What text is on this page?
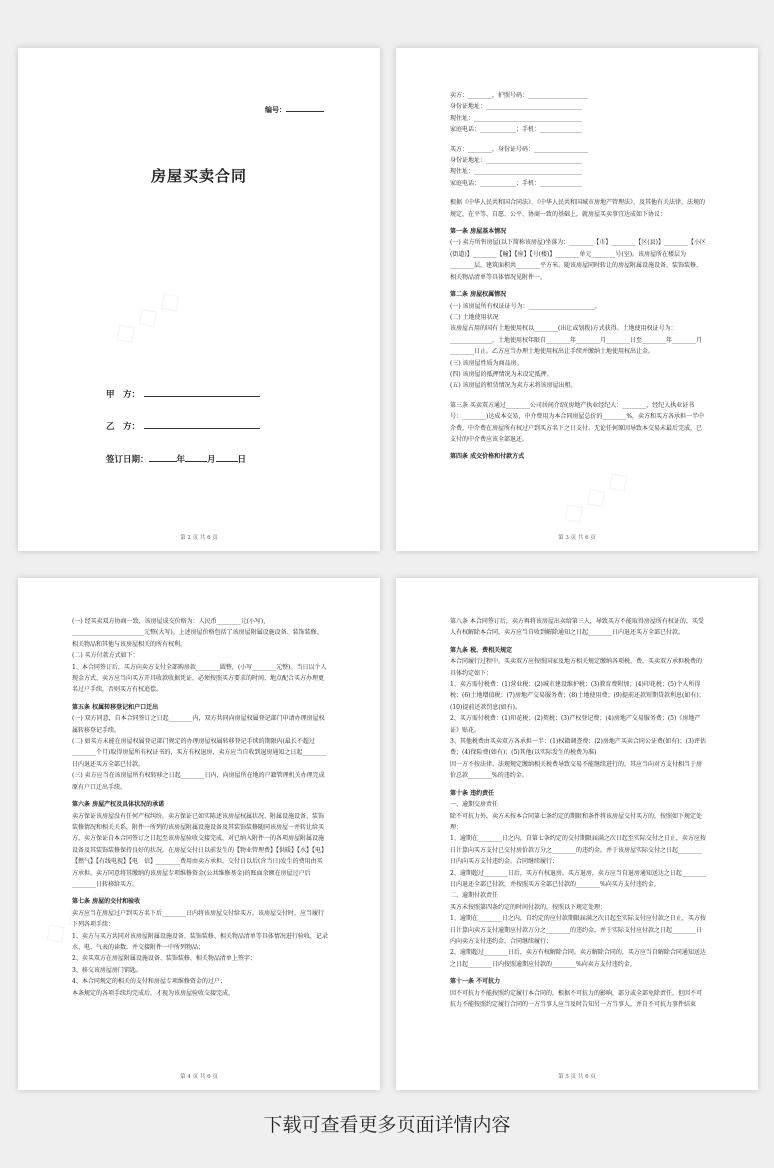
编号：
房屋买卖合同
甲　方：
乙　方：
签订日期：	年	月	日
第 2 页 共 6 页

卖方：________，护照号码：____________________

身份证地址：________________________________

现住址：____________________________________

家庭电话：____________；手机：______________

买方：________，身份证号码：__________________

身份证地址：________________________________

现住址：____________________________________

家庭电话：____________；手机：______________

根据《中华人民共和国合同法》、《中华人民共和国城市房地产管理法》、及其他有关法律、法规的规定，在平等、自愿、公平、协商一致的基础上，就房屋买卖事宜达成如下协议：

第一条 房屋基本情况

(一) 卖方所售房屋(以下简称该房屋)坐落为：________【市】________【区(县)】________【小区(街道)】________【幢】【座】【号(楼)】________单元________号(室)。该房屋所在楼层为________层，建筑面积共________平方米。随该房屋同时转让的房屋附属设施设备、装饰装修、相关物品清单等具体情况见附件一。

第二条 房屋权属情况

(一) 该房屋所有权证证号为：______________________。
(二) 土地使用状况
该房屋占用的国有土地使用权以________(出让或划拨)方式获得。土地使用权证号为：______________，土地使用权年限自________年________月________日至________年________月________日止。乙方应当办理土地使用权出让手续并缴纳土地使用权出让金。
(三) 该房屋性质为商品房。
(四) 该房屋的抵押情况为未设定抵押。
(五) 该房屋的租赁情况为卖方未将该房屋出租。

第三条 买卖双方通过________公司居间介绍(房地产执业经纪人：________，经纪人执业证书号：________)达成本交易，中介费用为本合同房屋总价的________%，卖方和买方各承担一半中介费，中介费在房屋所有权过户到买方名下之日支付。无论任何原因导致本交易未最后完成，已支付的中介费应该全部退还。

第四条 成交价格和付款方式

第 3 页 共 6 页

(一) 经买卖双方协商一致，该房屋成交价格为：人民币________元(小写)，________________________元整(大写)。上述房屋价格包括了该房屋附属设施设备、装饰装修、相关物品和其他与该房屋相关的所有权利。

(二) 买方付款方式如下：

1、本合同签订后，买方向卖方支付全部购房款________圆整，(小写________元整)。当日以个人现金方式，卖方应当向买方开具收款收据凭证，必须按照买方要求的时间、地点配合买方办理更名过户手续，否则买方有权追偿。

第五条 权属转移登记和户口迁出

(一) 双方同意，自本合同签订之日起________内，双方共同向房屋权属登记部门申请办理房屋权属转移登记手续。

(二) 如买方未能在房屋权属登记部门规定的办理房屋权属转移登记手续的期限内(最长不超过________个月)取得房屋所有权证书的，买方有权退房，卖方应当自收到退房通知之日起________日内退还买方全部已付款。

(三) 卖方应当在该房屋所有权转移之日起________日内，向房屋所在地的户籍管理机关办理完成原有户口迁出手续。

第六条 房屋产权及具体状况的承诺

卖方保证该房屋没有任何产权纠纷。卖方保证已如实陈述该房屋权属状况、附属设施设备、装饰装修情况和相关关系，附件一所列的该房屋附属设施设备及其装饰装修随同该房屋一并转让给买方，卖方保证自本合同签订之日起至该房屋验收交接完成，对已纳入附件一的各项房屋附属设施设备及其装饰装修保持良好的状况。在房屋交付日以前发生的【物业管理费】【供暖】【水】【电】【燃气】【有线电视】【电　信】________费用由卖方承担，交付日以后(含当日)发生的费用由买方承担。卖方同意将其缴纳的该房屋专项维修资金(公共维修基金)的账面余额在房屋过户后________日转移给买方。

第七条 房屋的交付和验收

卖方应当在房屋过户到买方名下后________日内将该房屋交付给买方。该房屋交付时，应当履行下列各项手续：

1、卖方与买方共同对该房屋附属设施设备、装饰装修、相关物品清单等具体情况进行验收，记录水、电、气表的读数，并交接附件一中所列物品；

2、卖买双方在房屋附属设施设备、装饰装修、相关物品清单上签字；

3、移交该房屋房门钥匙。

4、本合同规定的相关的支付和房屋专项维修资金的过户；

本条规定的各项手续均完成后，才视为该房屋验收交接完成。

第 4 页 共 6 页

第八条 本合同签订后，卖方再将该房屋出卖给第三人，导致买方不能取得房屋所有权证的，买受人有权解除本合同，卖方应当自收到解除通知之日起________日内退还买方全部已付款。

第九条 税、费相关规定

本合同履行过程中，买卖双方应按照国家及地方相关规定缴纳各项税、费，买卖双方承担税费的具体约定如下：

1、卖方需付税费：(1)营业税；(2)城市建设维护税；(3)教育费附加；(4)印花税；(5)个人所得税；(6)土地增值税；(7)房地产交易服务费；(8)土地使用费；(9)提前还款短期贷款利息(如有)；(10)提前还款罚息(如有)。

2、买方需付税费：(1)印花税；(2)契税；(3)产权登记费；(4)房地产交易服务费；(5)《房地产证》贴花。

3、其他税费由买卖双方各承担一半：(1)权籍调查费；(2)房地产买卖合同公证费(如有)；(3)评估费；(4)保险费(如有)；(5)其他(以实际发生的税费为准)

因一方不按法律、法规规定缴纳相关税费导致交易不能继续进行的，其应当向对方支付相当于房价总款________%的违约金。

第十条 违约责任

一、逾期交房责任

除不可抗力外，卖方未按本合同第七条约定的期限和条件将该房屋交付买方的，按照如下规定处理：

1、逾期在________日之内，自第七条约定的交付期限届满之次日起至实际交付之日止，卖方应按日计算向买方支付已交付房价款万分之________的违约金，并于该房屋实际交付之日起________日内向买方支付违约金，合同继续履行；

2、逾期超过________日后，买方有权退房。买方退房，卖方应当自退房通知送达之日起________日内退还全部已付款，并按照买方全部已付款的________%向买方支付违约金。

二、逾期付款责任

买方未按照第四条约定的时间付款的，按照以下规定处理：

1、逾期在________日之内，自约定的应付款期限届满之次日起至实际支付应付款之日止，买方按日计算向卖方支付逾期应付款万分之________的违约金，并于实际支付应付款之日起________日内向卖方支付违约金，合同继续履行；

2、逾期超过________日后，卖方有权解除合同。卖方解除合同的，买方应当自解除合同通知送达之日起________日内按照逾期应付款的________%向卖方支付违约金。

第十一条 不可抗力

因不可抗力不能按照约定履行本合同的，根据不可抗力的影响，部分或全部免除责任，但因不可抗力不能按照约定履行合同的一方当事人应当及时告知另一方当事人，并自不可抗力事件结束

第 5 页 共 6 页
下载可查看更多页面详情内容
